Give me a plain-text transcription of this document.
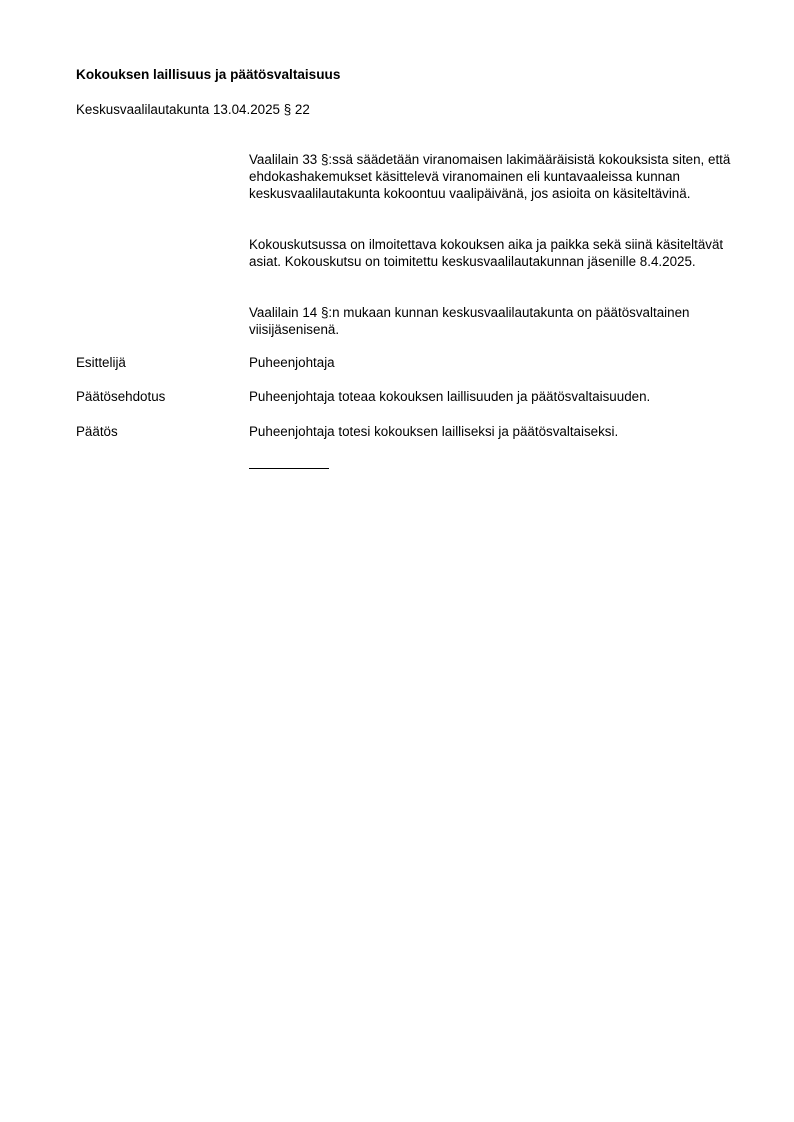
Kokouksen laillisuus ja päätösvaltaisuus
Keskusvaalilautakunta 13.04.2025 § 22

Vaalilain 33 §:ssä säädetään viranomaisen lakimääräisistä kokouksista siten, että ehdokashakemukset käsittelevä viranomainen eli kuntavaaleissa kunnan keskusvaalilautakunta kokoontuu vaalipäivänä, jos asioita on käsiteltävinä.

Kokouskutsussa on ilmoitettava kokouksen aika ja paikka sekä siinä käsiteltävät asiat. Kokouskutsu on toimitettu keskusvaalilautakunnan jäsenille 8.4.2025.

Vaalilain 14 §:n mukaan kunnan keskusvaalilautakunta on päätösvaltainen viisijäsenisenä.

Esittelijä	Puheenjohtaja
Päätösehdotus	Puheenjohtaja toteaa kokouksen laillisuuden ja päätösvaltaisuuden.
Päätös	Puheenjohtaja totesi kokouksen lailliseksi ja päätösvaltaiseksi.
